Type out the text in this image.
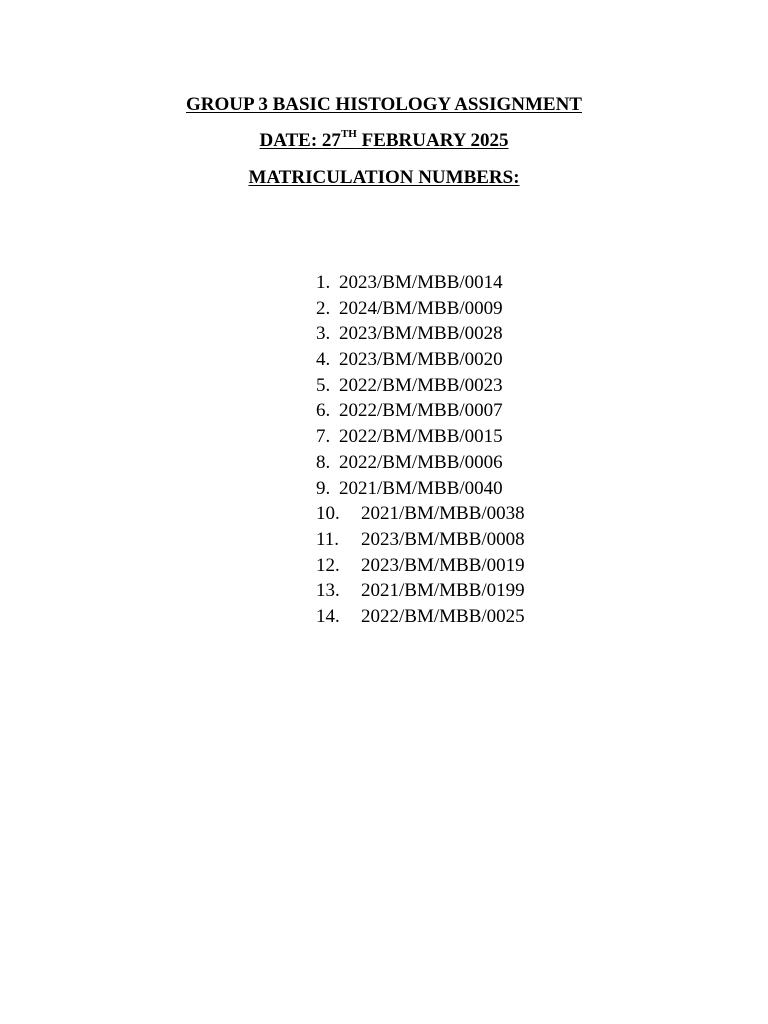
GROUP 3 BASIC HISTOLOGY ASSIGNMENT
DATE: 27TH FEBRUARY 2025
MATRICULATION NUMBERS:
1. 2023/BM/MBB/0014
2. 2024/BM/MBB/0009
3. 2023/BM/MBB/0028
4. 2023/BM/MBB/0020
5. 2022/BM/MBB/0023
6. 2022/BM/MBB/0007
7. 2022/BM/MBB/0015
8. 2022/BM/MBB/0006
9. 2021/BM/MBB/0040
10. 2021/BM/MBB/0038
11. 2023/BM/MBB/0008
12. 2023/BM/MBB/0019
13. 2021/BM/MBB/0199
14. 2022/BM/MBB/0025
